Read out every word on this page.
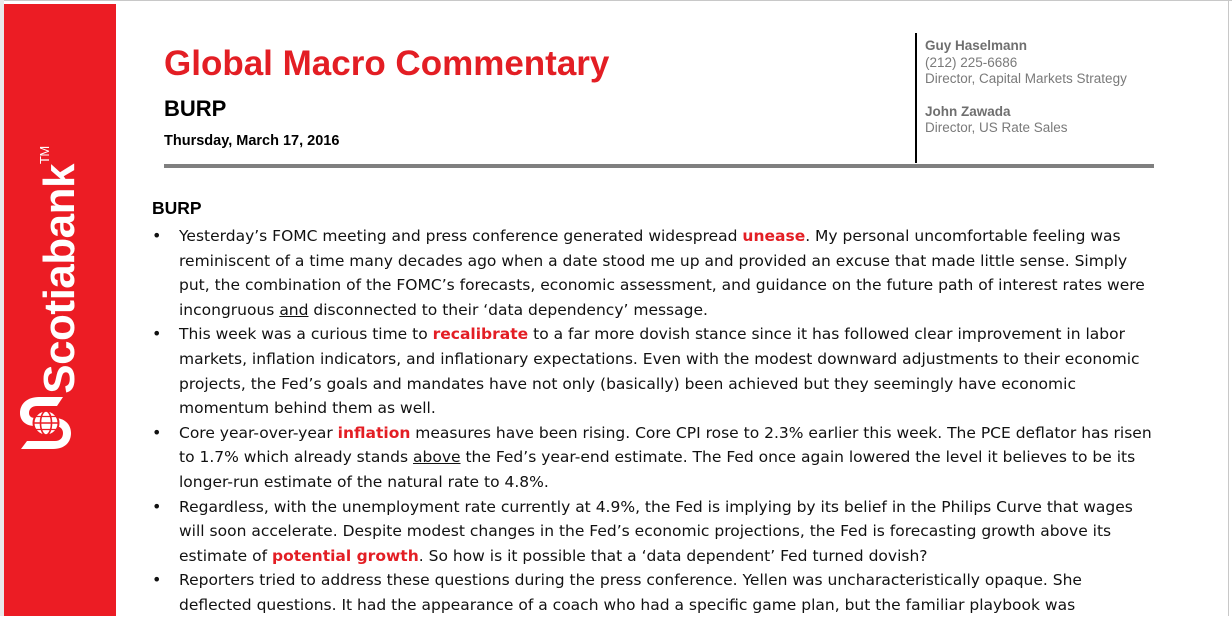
Scotiabank™
Global Macro Commentary
BURP
Thursday, March 17, 2016
Guy Haselmann
(212) 225-6686
Director, Capital Markets Strategy
John Zawada
Director, US Rate Sales
BURP
• Yesterday’s FOMC meeting and press conference generated widespread unease. My personal uncomfortable feeling was reminiscent of a time many decades ago when a date stood me up and provided an excuse that made little sense. Simply put, the combination of the FOMC’s forecasts, economic assessment, and guidance on the future path of interest rates were incongruous and disconnected to their ‘data dependency’ message.
• This week was a curious time to recalibrate to a far more dovish stance since it has followed clear improvement in labor markets, inflation indicators, and inflationary expectations. Even with the modest downward adjustments to their economic projects, the Fed’s goals and mandates have not only (basically) been achieved but they seemingly have economic momentum behind them as well.
• Core year-over-year inflation measures have been rising. Core CPI rose to 2.3% earlier this week. The PCE deflator has risen to 1.7% which already stands above the Fed’s year-end estimate. The Fed once again lowered the level it believes to be its longer-run estimate of the natural rate to 4.8%.
• Regardless, with the unemployment rate currently at 4.9%, the Fed is implying by its belief in the Philips Curve that wages will soon accelerate. Despite modest changes in the Fed’s economic projections, the Fed is forecasting growth above its estimate of potential growth. So how is it possible that a ‘data dependent’ Fed turned dovish?
• Reporters tried to address these questions during the press conference. Yellen was uncharacteristically opaque. She deflected questions. It had the appearance of a coach who had a specific game plan, but the familiar playbook was
